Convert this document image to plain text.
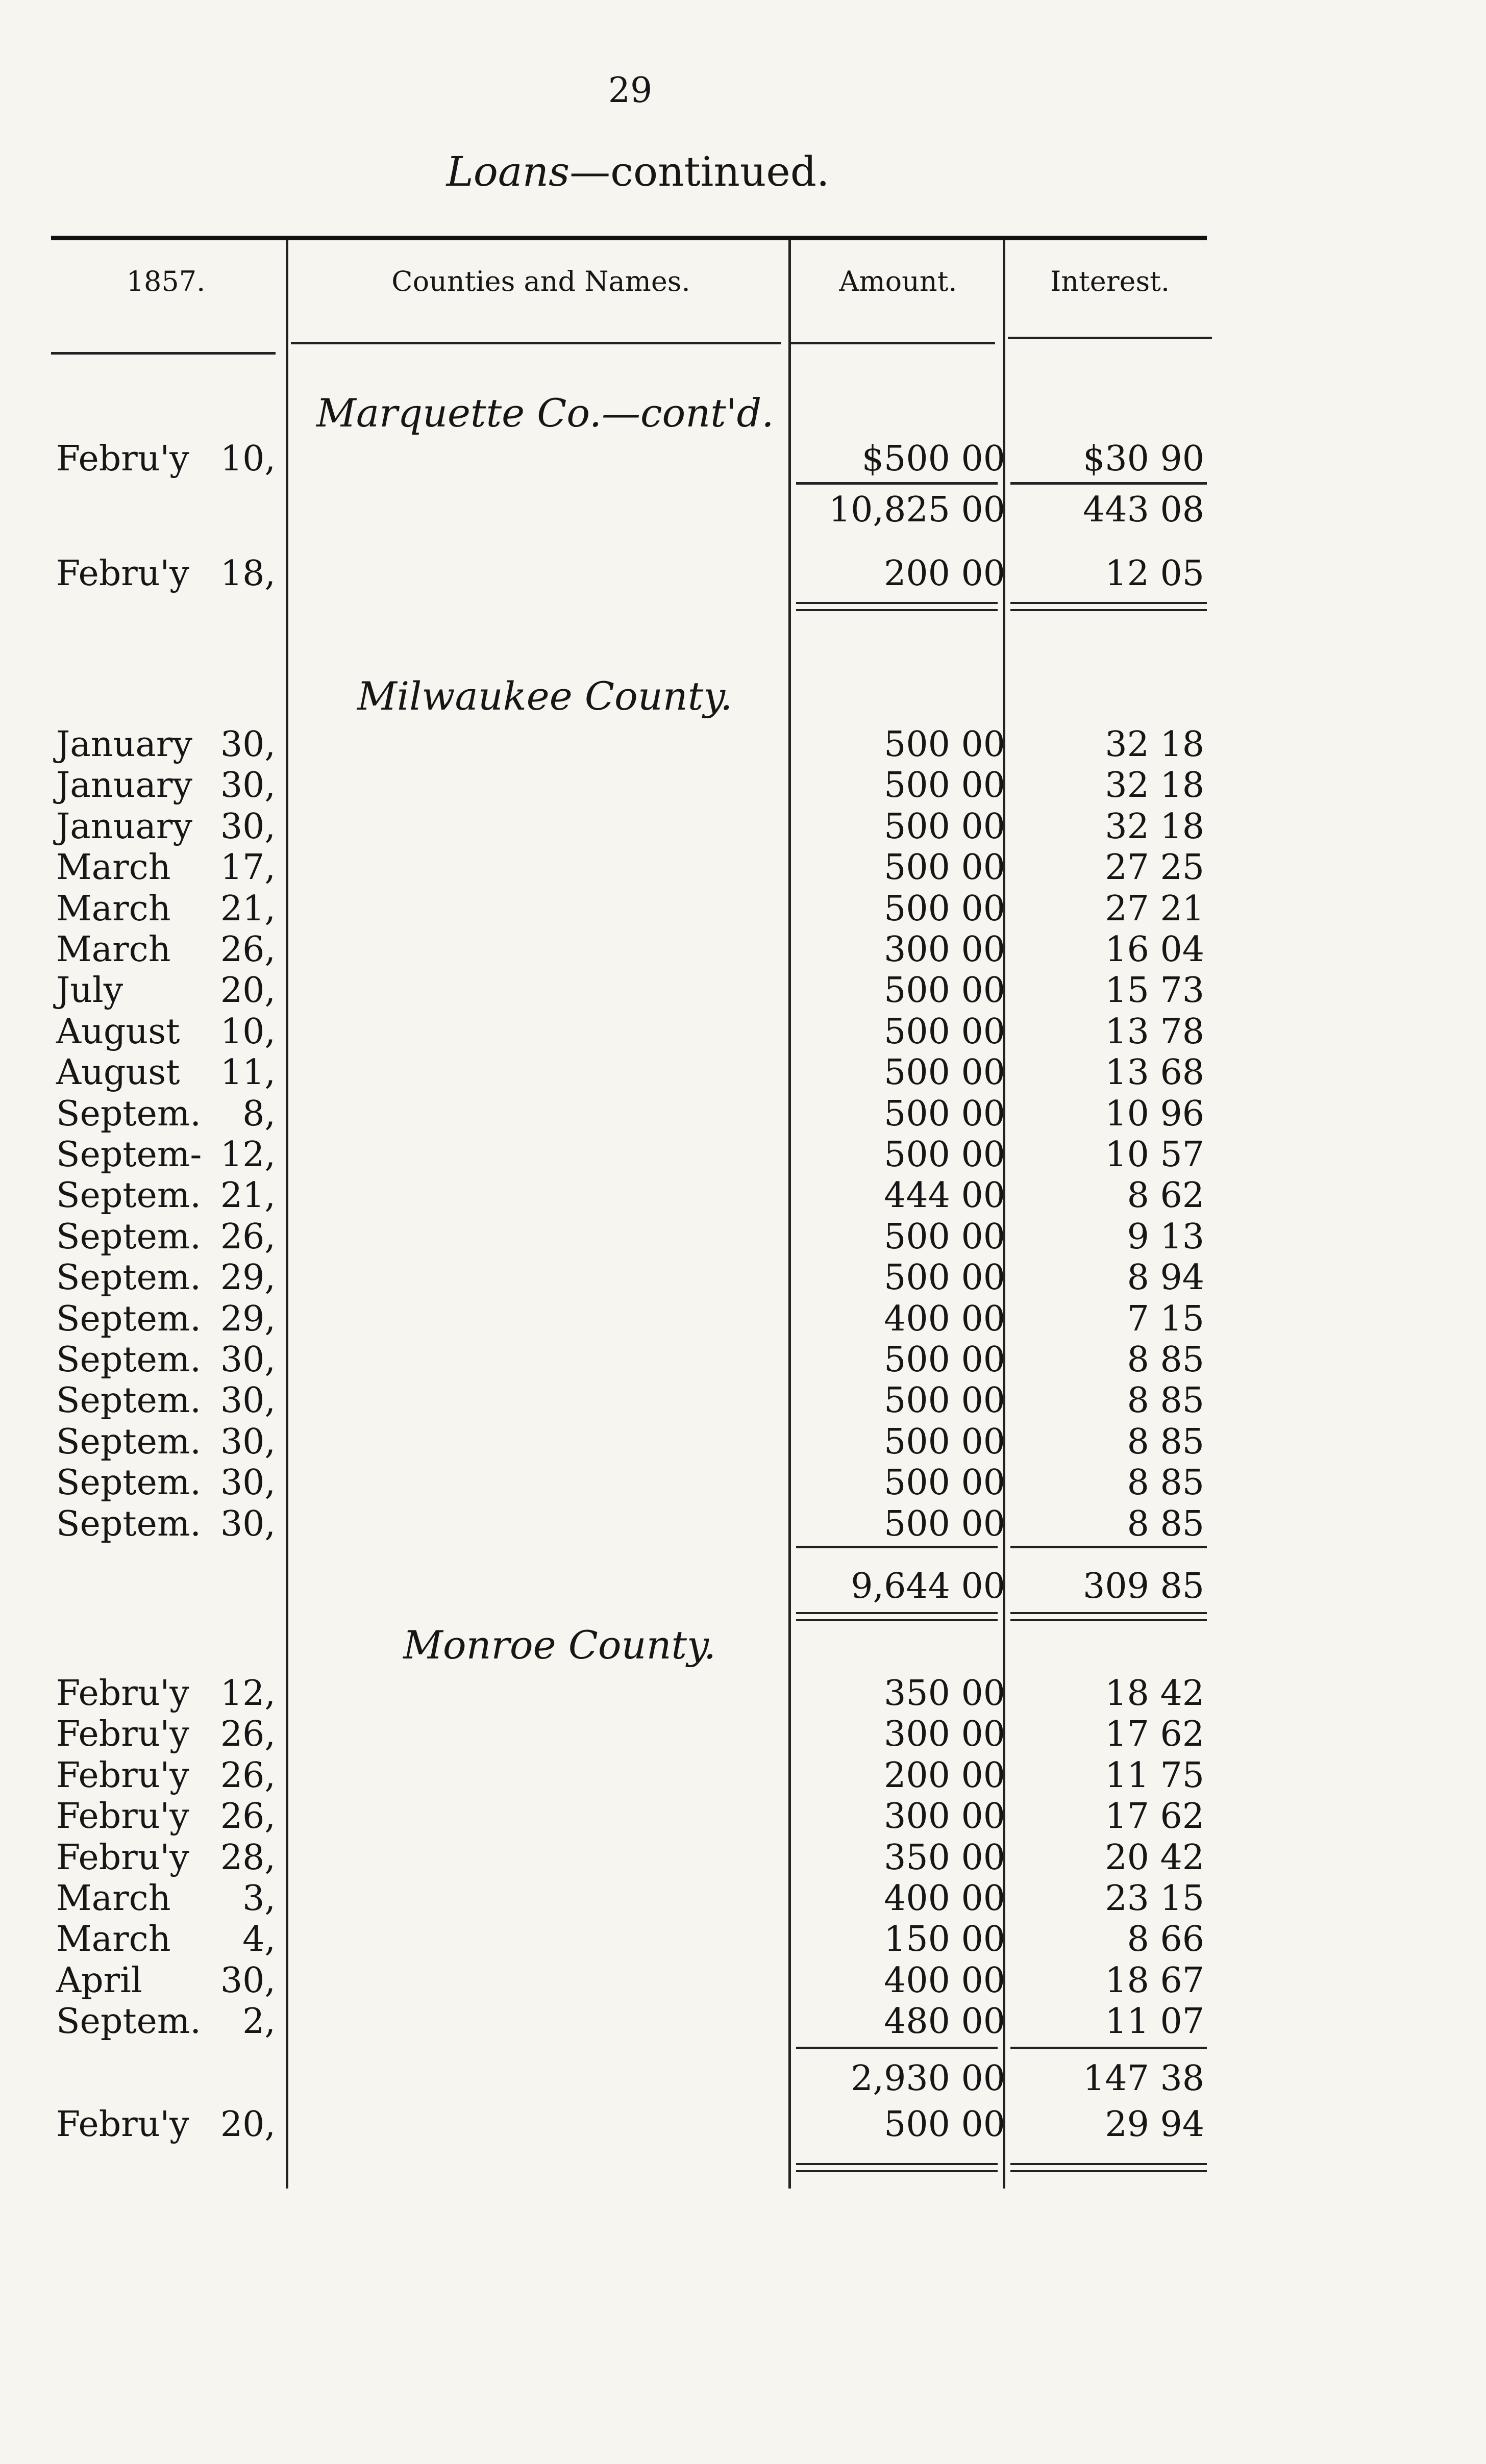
29
Loans—continued.
1857.	Counties and Names.	Amount.	Interest.
Marquette Co.—cont'd.
Febru'y 10,	$500 00	$30 90
10,825 00	443 08
Febru'y 18,	200 00	12 05
Milwaukee County.
January 30,	500 00	32 18
January 30,	500 00	32 18
January 30,	500 00	32 18
March	17,	500 00	27 25
March	21,	500 00	27 21
March	26,	300 00	16 04
July	20,	500 00	15 73
August	10,	500 00	13 78
August	11,	500 00	13 68
Septem.	8,	500 00	10 96
Septem- 12,	500 00	10 57
Septem. 21,	444 00	8 62
Septem. 26,	500 00	9 13
Septem. 29,	500 00	8 94
Septem. 29,	400 00	7 15
Septem. 30,	500 00	8 85
Septem. 30,	500 00	8 85
Septem. 30,	500 00	8 85
Septem. 30,	500 00	8 85
Septem. 30,	500 00	8 85
9,644 00	309 85
Monroe County.
Febru'y 12,	350 00	18 42
Febru'y 26,	300 00	17 62
Febru'y 26,	200 00	11 75
Febru'y 26,	300 00	17 62
Febru'y 28,	350 00	20 42
March	3,	400 00	23 15
March	4,	150 00	8 66
April	30,	400 00	18 67
Septem.	2,	480 00	11 07
2,930 00	147 38
Febru'y 20,	500 00	29 94
